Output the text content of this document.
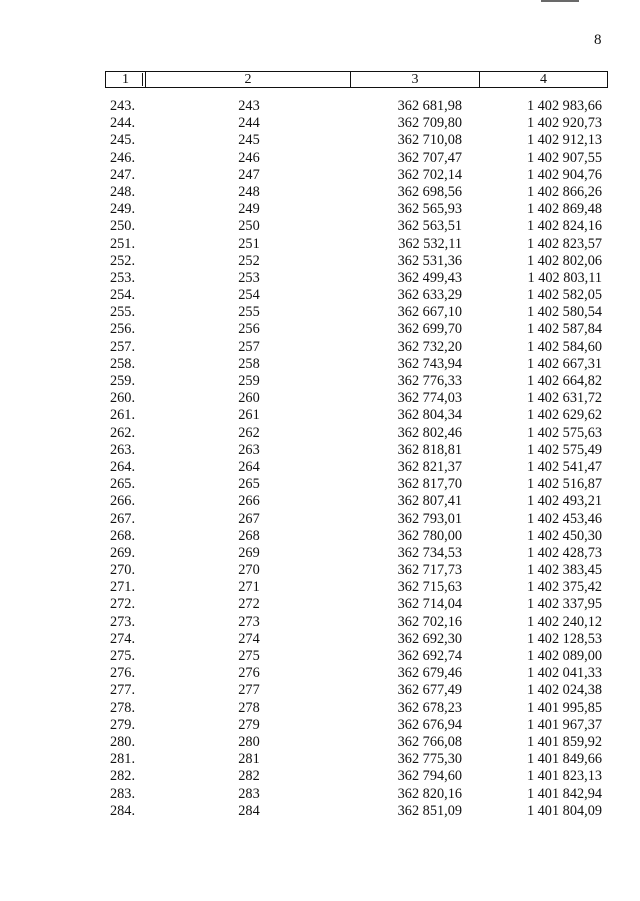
8
1	2	3	4
243.	243	362 681,98	1 402 983,66
244.	244	362 709,80	1 402 920,73
245.	245	362 710,08	1 402 912,13
246.	246	362 707,47	1 402 907,55
247.	247	362 702,14	1 402 904,76
248.	248	362 698,56	1 402 866,26
249.	249	362 565,93	1 402 869,48
250.	250	362 563,51	1 402 824,16
251.	251	362 532,11	1 402 823,57
252.	252	362 531,36	1 402 802,06
253.	253	362 499,43	1 402 803,11
254.	254	362 633,29	1 402 582,05
255.	255	362 667,10	1 402 580,54
256.	256	362 699,70	1 402 587,84
257.	257	362 732,20	1 402 584,60
258.	258	362 743,94	1 402 667,31
259.	259	362 776,33	1 402 664,82
260.	260	362 774,03	1 402 631,72
261.	261	362 804,34	1 402 629,62
262.	262	362 802,46	1 402 575,63
263.	263	362 818,81	1 402 575,49
264.	264	362 821,37	1 402 541,47
265.	265	362 817,70	1 402 516,87
266.	266	362 807,41	1 402 493,21
267.	267	362 793,01	1 402 453,46
268.	268	362 780,00	1 402 450,30
269.	269	362 734,53	1 402 428,73
270.	270	362 717,73	1 402 383,45
271.	271	362 715,63	1 402 375,42
272.	272	362 714,04	1 402 337,95
273.	273	362 702,16	1 402 240,12
274.	274	362 692,30	1 402 128,53
275.	275	362 692,74	1 402 089,00
276.	276	362 679,46	1 402 041,33
277.	277	362 677,49	1 402 024,38
278.	278	362 678,23	1 401 995,85
279.	279	362 676,94	1 401 967,37
280.	280	362 766,08	1 401 859,92
281.	281	362 775,30	1 401 849,66
282.	282	362 794,60	1 401 823,13
283.	283	362 820,16	1 401 842,94
284.	284	362 851,09	1 401 804,09
